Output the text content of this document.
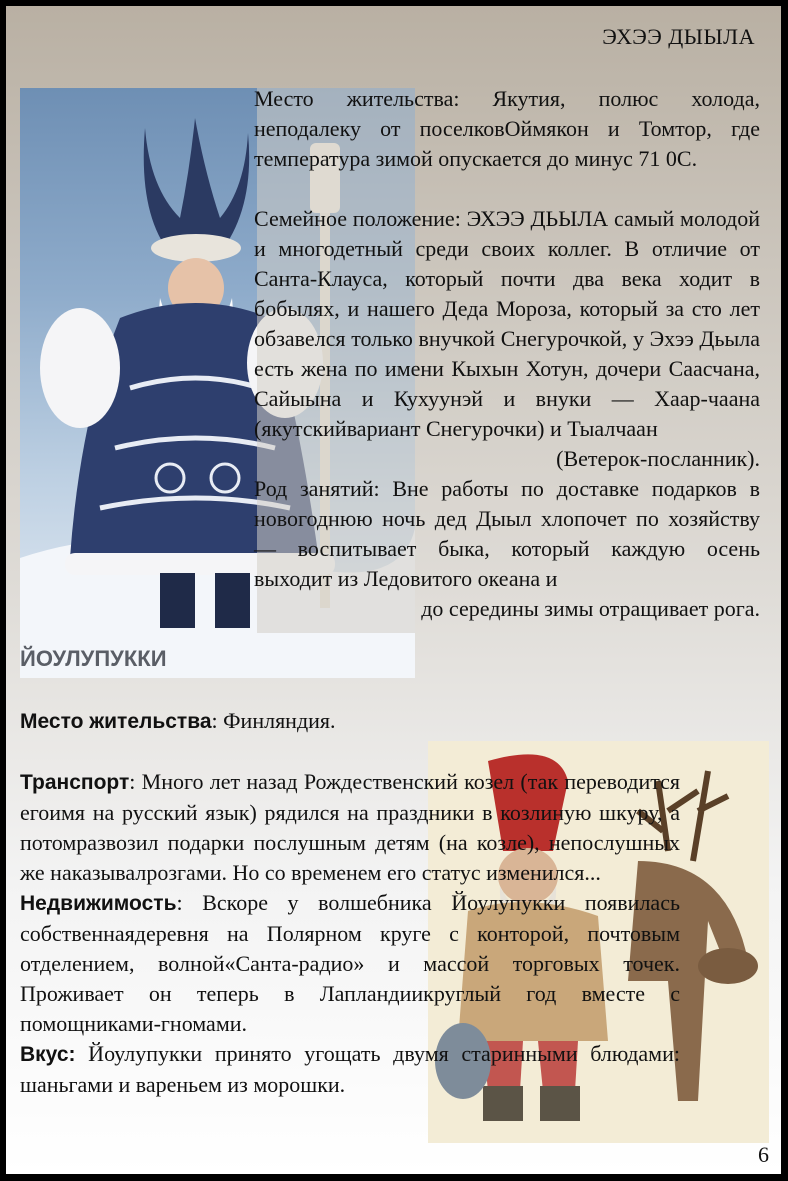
ЭХЭЭ ДЫЫЛА

Место жительства: Якутия, полюс холода, неподалеку от поселковОймякон и Томтор, где температура зимой опускается до минус 71 0С.

Семейное положение: ЭХЭЭ ДЬЫЛА самый молодой и многодетный среди своих коллег. В отличие от Санта-Клауса, который почти два века ходит в бобылях, и нашего Деда Мороза, который за сто лет обзавелся только внучкой Снегурочкой, у Эхээ Дьыла есть жена по имени Кыхын Хотун, дочери Саасчана, Сайыына и Кухуунэй и внуки — Хаар-чаана (якутскийвариант Снегурочки) и Тыалчаан

(Ветерок-посланник).

Род занятий: Вне работы по доставке подарков в новогоднюю ночь дед Дыыл хлопочет по хозяйству — воспитывает быка, который каждую осень выходит из Ледовитого океана и

до середины зимы отращивает рога.

ЙОУЛУПУККИ

Место жительства: Финляндия.

Транспорт: Много лет назад Рождественский козел (так переводится егоимя на русский язык) рядился на праздники в козлиную шкуру, а потомразвозил подарки послушным детям (на козле), непослушных же наказывалрозгами. Но со временем его статус изменился...

Недвижимость: Вскоре у волшебника Йоулупукки появилась собственнаядеревня на Полярном круге с конторой, почтовым отделением, волной«Санта-радио» и массой торговых точек. Проживает он теперь в Лапландиикруглый год вместе с помощниками-гномами.

Вкус: Йоулупукки принято угощать двумя старинными блюдами: шаньгами и вареньем из морошки.

6
